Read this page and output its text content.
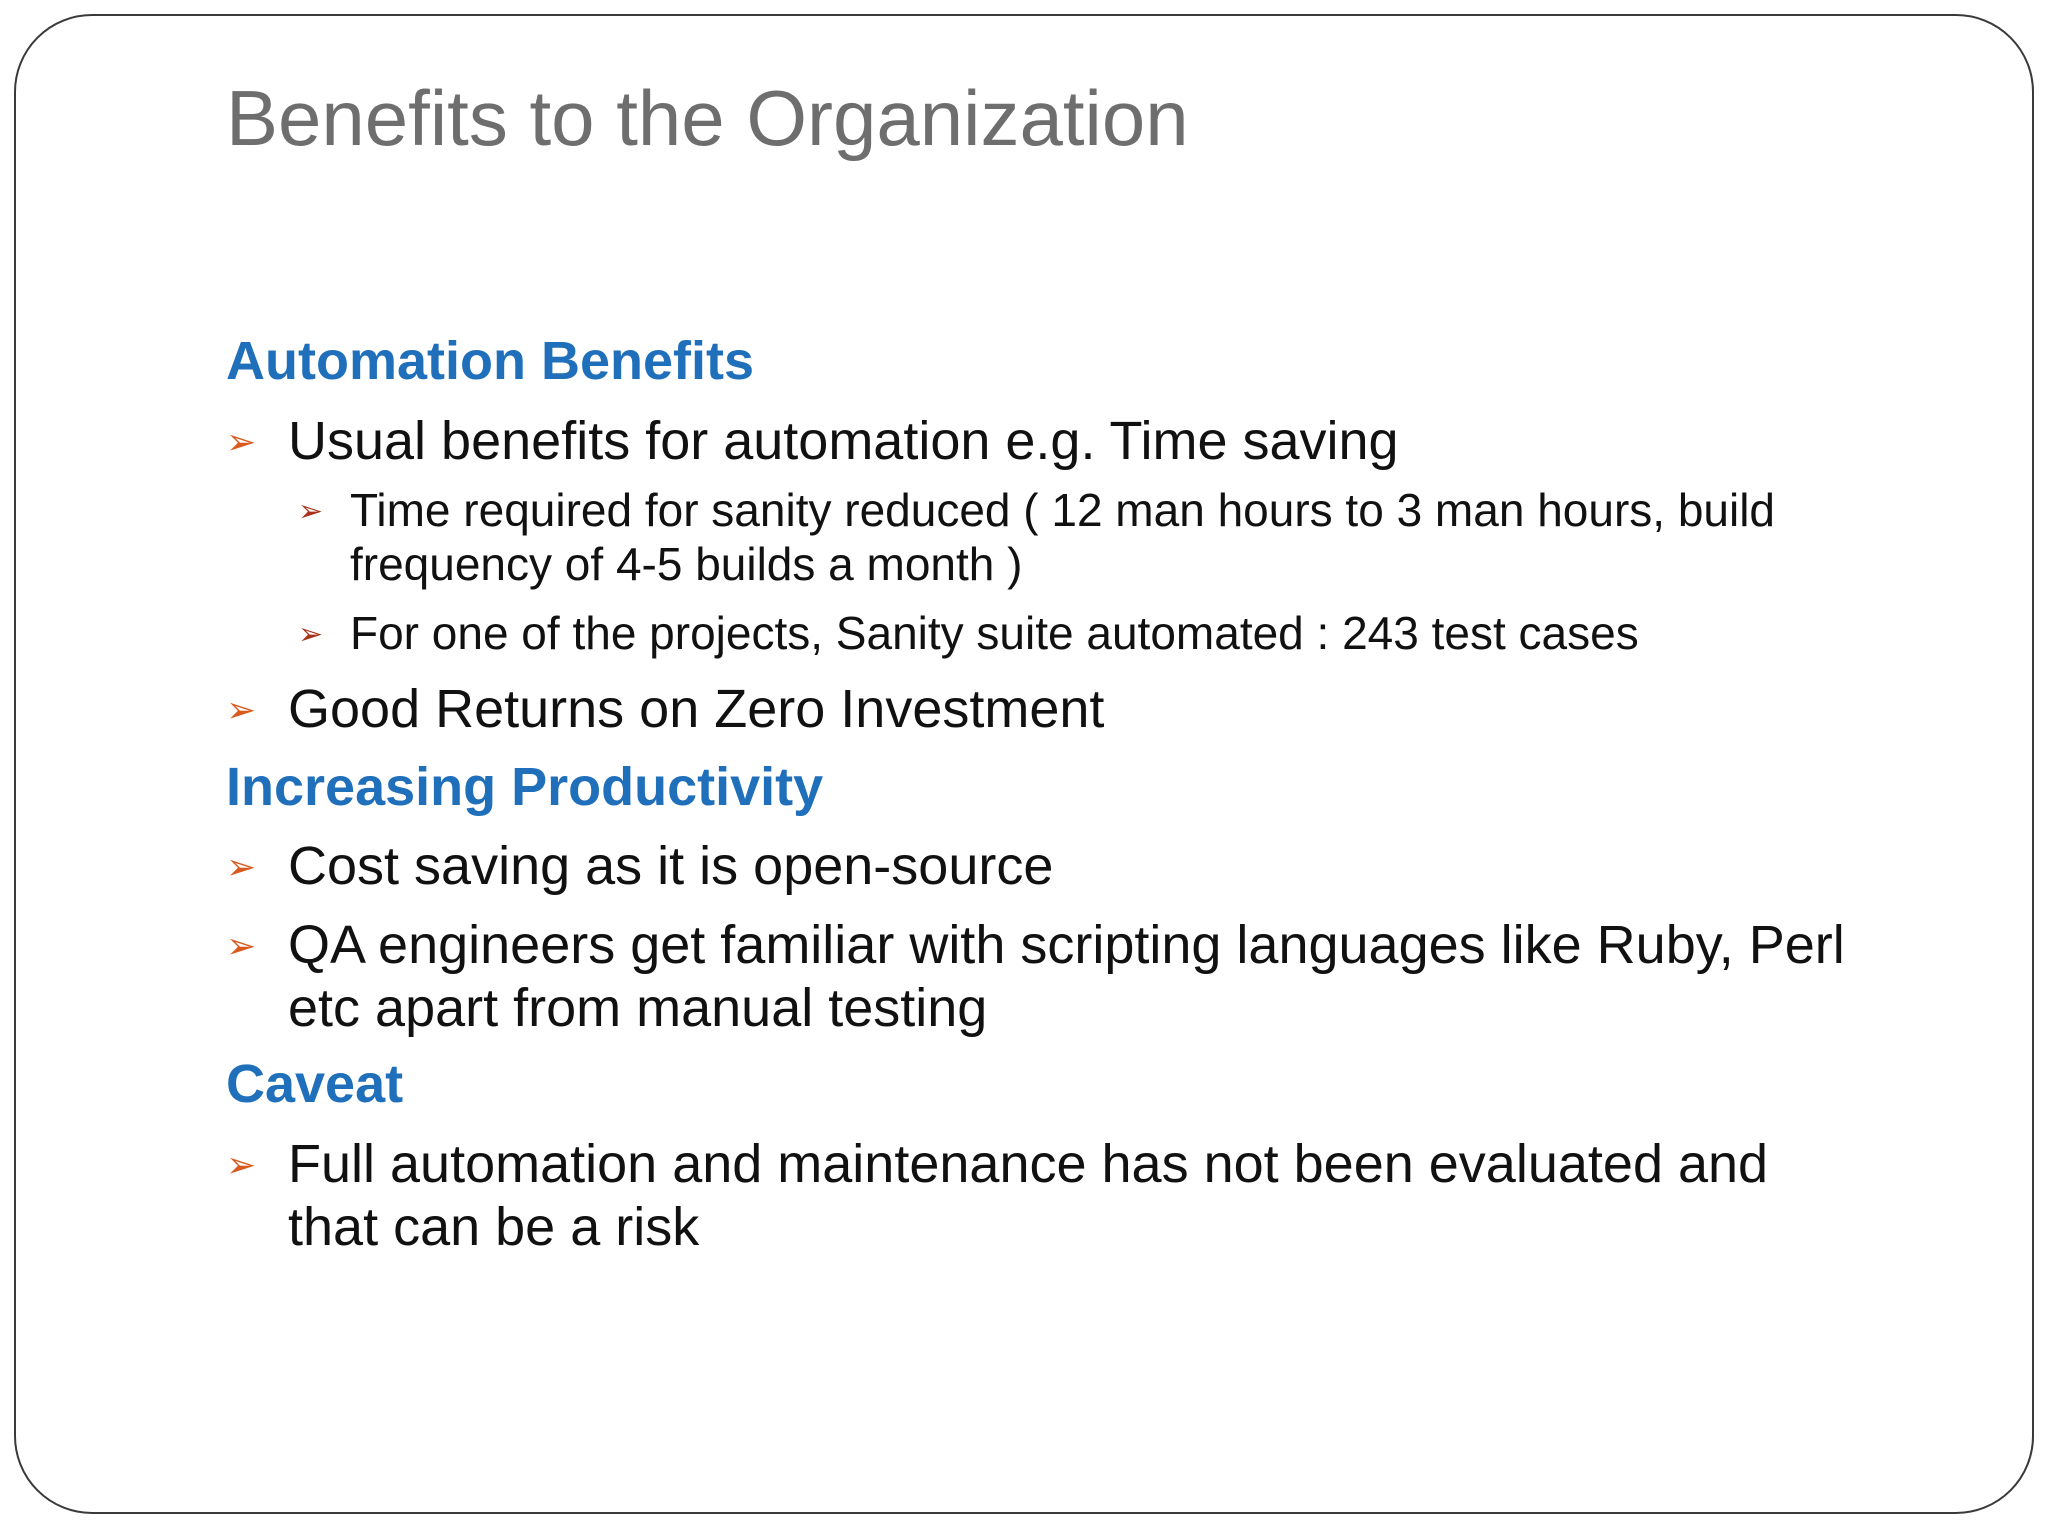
Benefits to the Organization
Automation Benefits
➢ Usual benefits for automation e.g. Time saving
➢ Time required for sanity reduced ( 12 man hours to 3 man hours, build frequency of 4-5 builds a month )
➢ For one of the projects, Sanity suite automated : 243 test cases
➢ Good Returns on Zero Investment
Increasing Productivity
➢ Cost saving as it is open-source
➢ QA engineers get familiar with scripting languages like Ruby, Perl etc apart from manual testing
Caveat
➢ Full automation and maintenance has not been evaluated and that can be a risk
